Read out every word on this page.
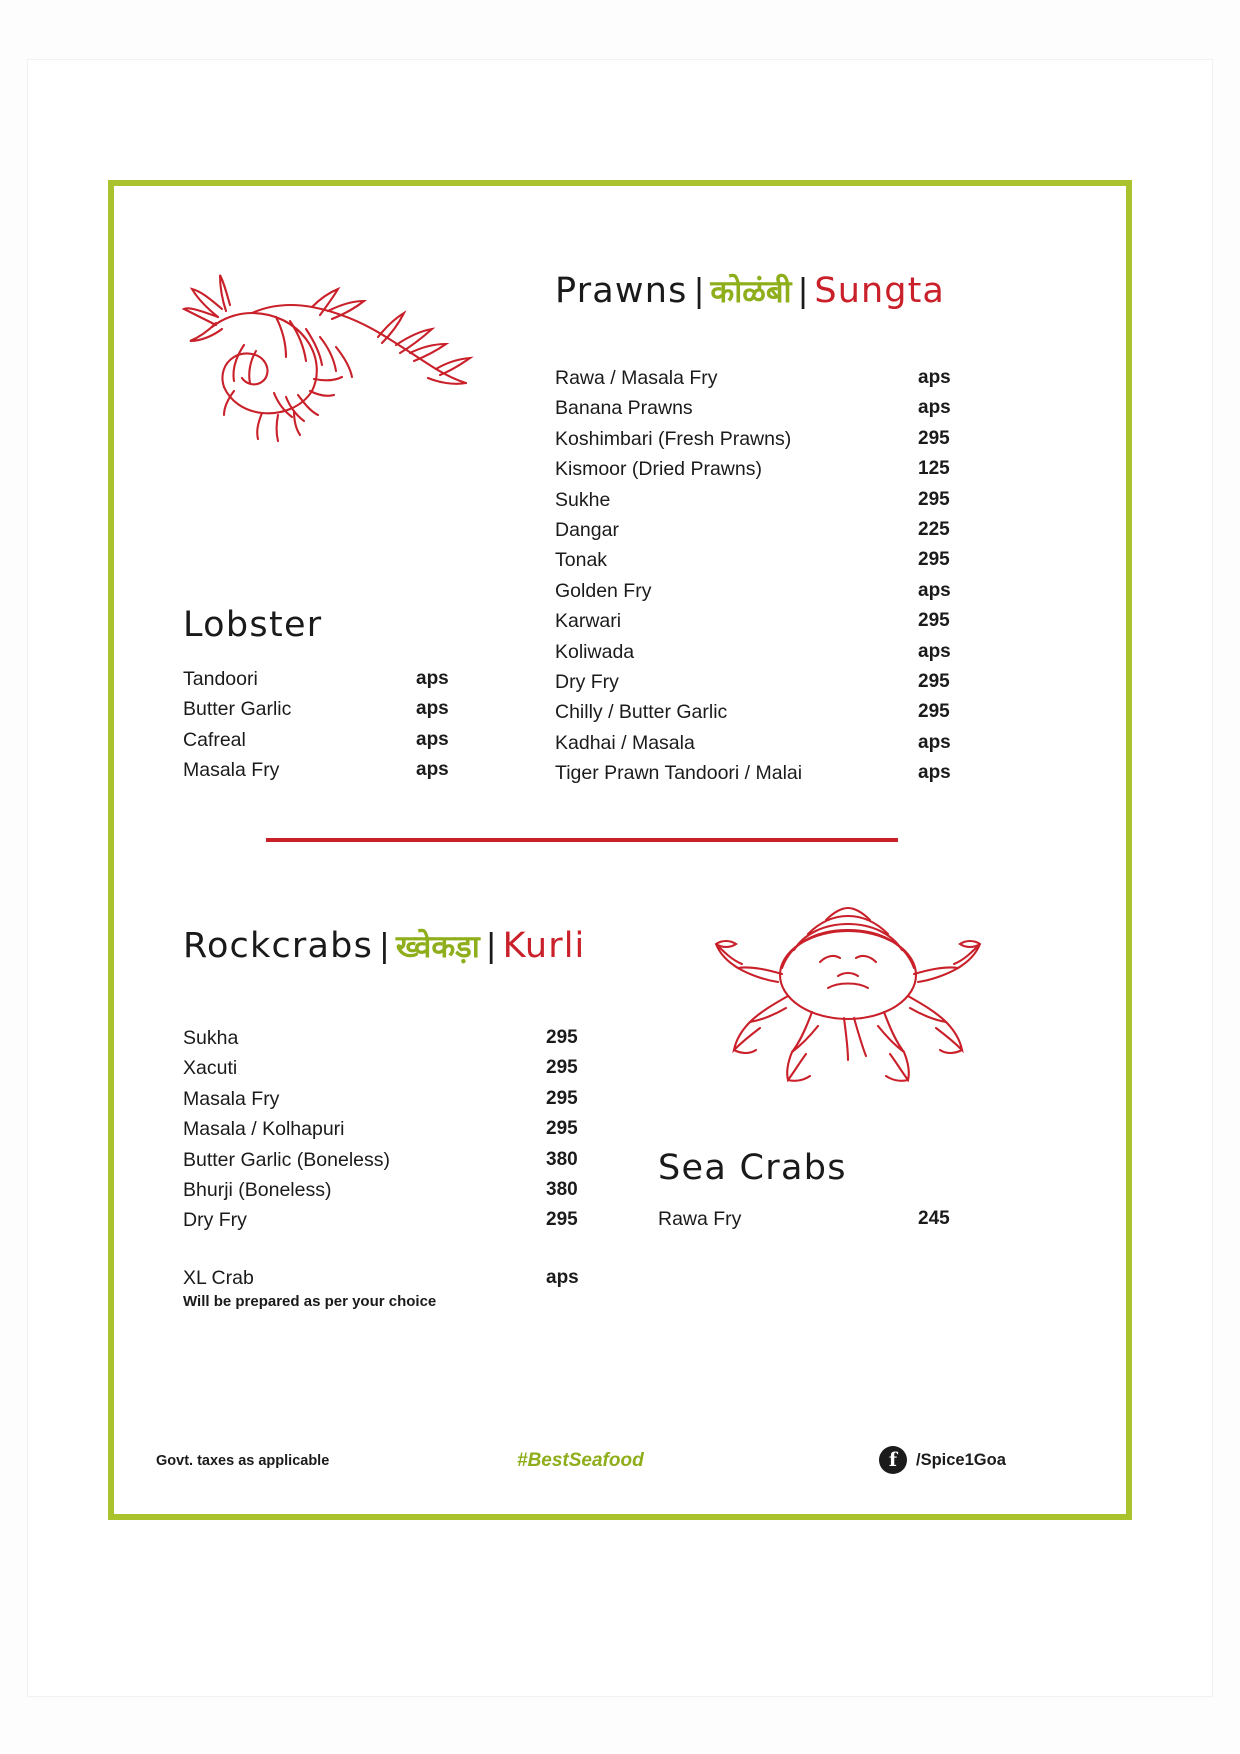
Prawns | कोळंबी | Sungta
Rawa / Masala Fry	aps
Banana Prawns	aps
Koshimbari (Fresh Prawns)	295
Kismoor (Dried Prawns)	125
Sukhe	295
Dangar	225
Tonak	295
Golden Fry	aps
Karwari	295
Koliwada	aps
Dry Fry	295
Chilly / Butter Garlic	295
Kadhai / Masala	aps
Tiger Prawn Tandoori / Malai	aps
Lobster
Tandoori	aps
Butter Garlic	aps
Cafreal	aps
Masala Fry	aps
Rockcrabs | ख्वेकड़ा | Kurli
Sukha	295
Xacuti	295
Masala Fry	295
Masala / Kolhapuri	295
Butter Garlic (Boneless)	380
Bhurji (Boneless)	380
Dry Fry	295
XL Crab	aps
Will be prepared as per your choice
Sea Crabs
Rawa Fry	245
Govt. taxes as applicable	#BestSeafood	f	/Spice1Goa
